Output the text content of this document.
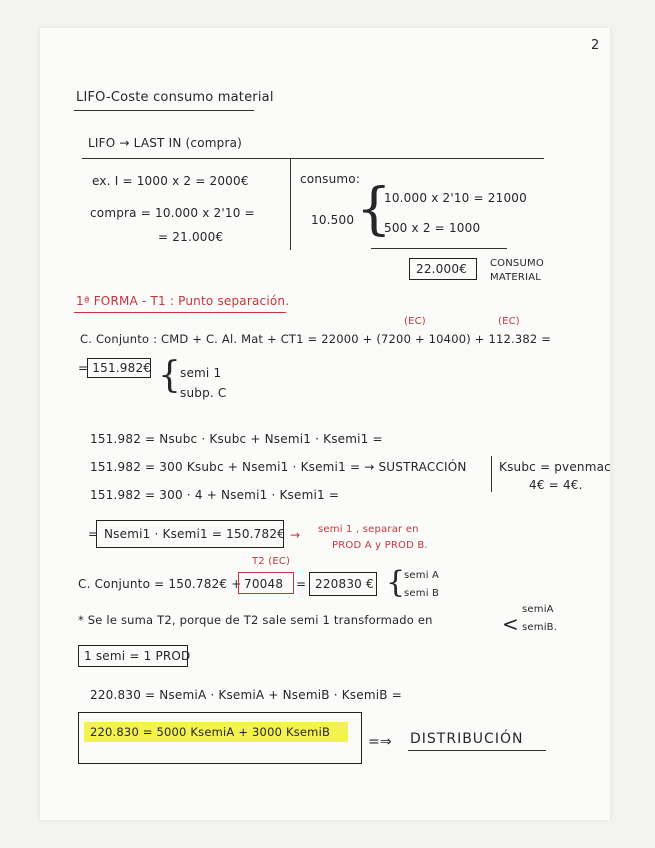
2
LIFO-Coste consumo material
LIFO → LAST IN (compra)
ex. I = 1000 x 2 = 2000€
compra = 10.000 x 2'10 =
= 21.000€
consumo:
10.500 {
10.000 x 2'10 = 21000
500 x 2 = 1000
22.000€ CONSUMO
MATERIAL
1ª FORMA - T1 : Punto separación.
(EC)	(EC)
C. Conjunto : CMD + C. Al. Mat + CT1 = 22000 + (7200 + 10400) + 112.382 =
= 151.982€ { semi 1
subp. C
151.982 = Nsubc · Ksubc + Nsemi1 · Ksemi1 =
151.982 = 300 Ksubc + Nsemi1 · Ksemi1 = → SUSTRACCIÓN	Ksubc = pvenmac
4€ = 4€.
151.982 = 300 · 4 + Nsemi1 · Ksemi1 =
= Nsemi1 · Ksemi1 = 150.782€ → semi 1 , separar en
PROD A y PROD B.
T2 (EC)
C. Conjunto = 150.782€ + 70048 = 220830 € {
semi A
semi B
* Se le suma T2, porque de T2 sale semi 1 transformado en	<
semiA
semiB.
1 semi = 1 PROD
220.830 = NsemiA · KsemiA + NsemiB · KsemiB =
220.830 = 5000 KsemiA + 3000 KsemiB
=⇒ DISTRIBUCIÓN
